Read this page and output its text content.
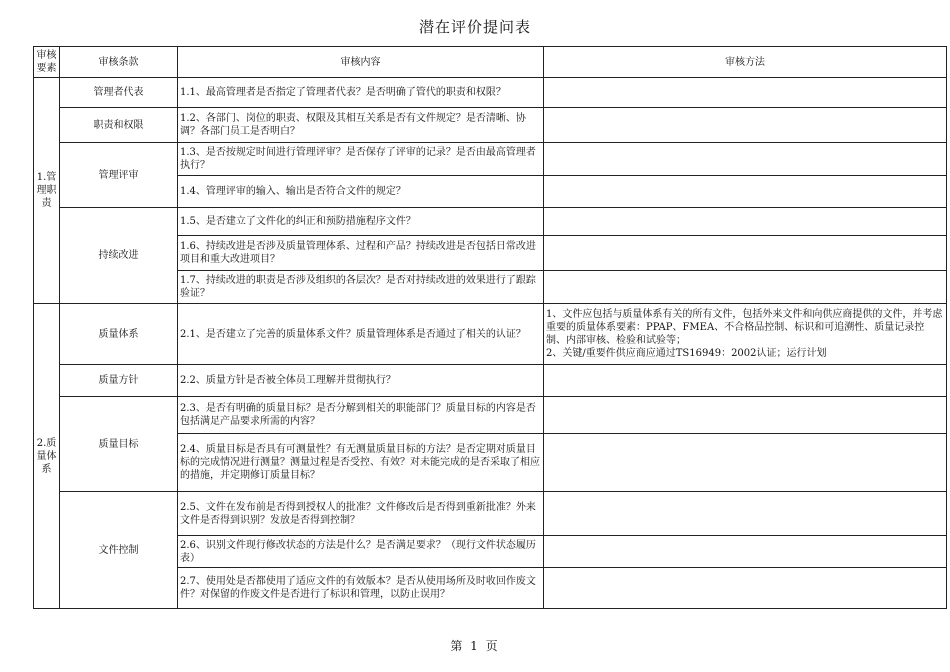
潜在评价提问表
审核要素	审核条款	审核内容	审核方法
1.管理职责	管理者代表	1.1、最高管理者是否指定了管理者代表？是否明确了管代的职责和权限？	
	职责和权限	1.2、各部门、岗位的职责、权限及其相互关系是否有文件规定？是否清晰、协调？各部门员工是否明白？	
	管理评审	1.3、是否按规定时间进行管理评审？是否保存了评审的记录？是否由最高管理者执行？	
		1.4、管理评审的输入、输出是否符合文件的规定？	
	持续改进	1.5、是否建立了文件化的纠正和预防措施程序文件？	
		1.6、持续改进是否涉及质量管理体系、过程和产品？持续改进是否包括日常改进项目和重大改进项目？	
		1.7、持续改进的职责是否涉及组织的各层次？是否对持续改进的效果进行了跟踪验证？	
2.质量体系	质量体系	2.1、是否建立了完善的质量体系文件？质量管理体系是否通过了相关的认证？	1、文件应包括与质量体系有关的所有文件，包括外来文件和向供应商提供的文件，并考虑重要的质量体系要素：PPAP、FMEA、不合格品控制、标识和可追溯性、质量记录控制、内部审核、检验和试验等；
2、关键/重要件供应商应通过TS16949：2002认证；运行计划

	质量方针	2.2、质量方针是否被全体员工理解并贯彻执行？	
	质量目标	2.3、是否有明确的质量目标？是否分解到相关的职能部门？质量目标的内容是否包括满足产品要求所需的内容？	
		2.4、质量目标是否具有可测量性？有无测量质量目标的方法？是否定期对质量目标的完成情况进行测量？测量过程是否受控、有效？对未能完成的是否采取了相应的措施，并定期修订质量目标？	
	文件控制	2.5、文件在发布前是否得到授权人的批准？文件修改后是否得到重新批准？外来文件是否得到识别？发放是否得到控制？	
		2.6、识别文件现行修改状态的方法是什么？是否满足要求？（现行文件状态履历表）	
		2.7、使用处是否都使用了适应文件的有效版本？是否从使用场所及时收回作废文件？对保留的作废文件是否进行了标识和管理，以防止误用？	
第 1 页
